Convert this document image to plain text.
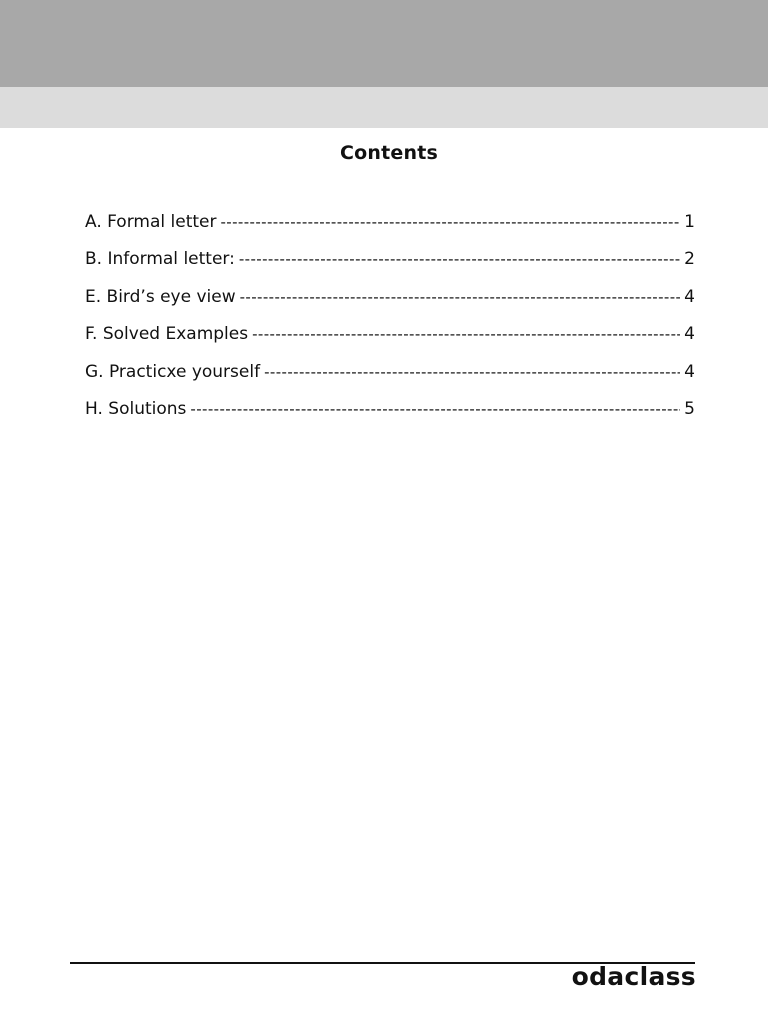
Contents
A. Formal letter -----	1
B. Informal letter: -----	2
E. Bird’s eye view -----	4
F. Solved Examples -----	4
G. Practicxe yourself -----	4
H. Solutions -----	5
odaclass
